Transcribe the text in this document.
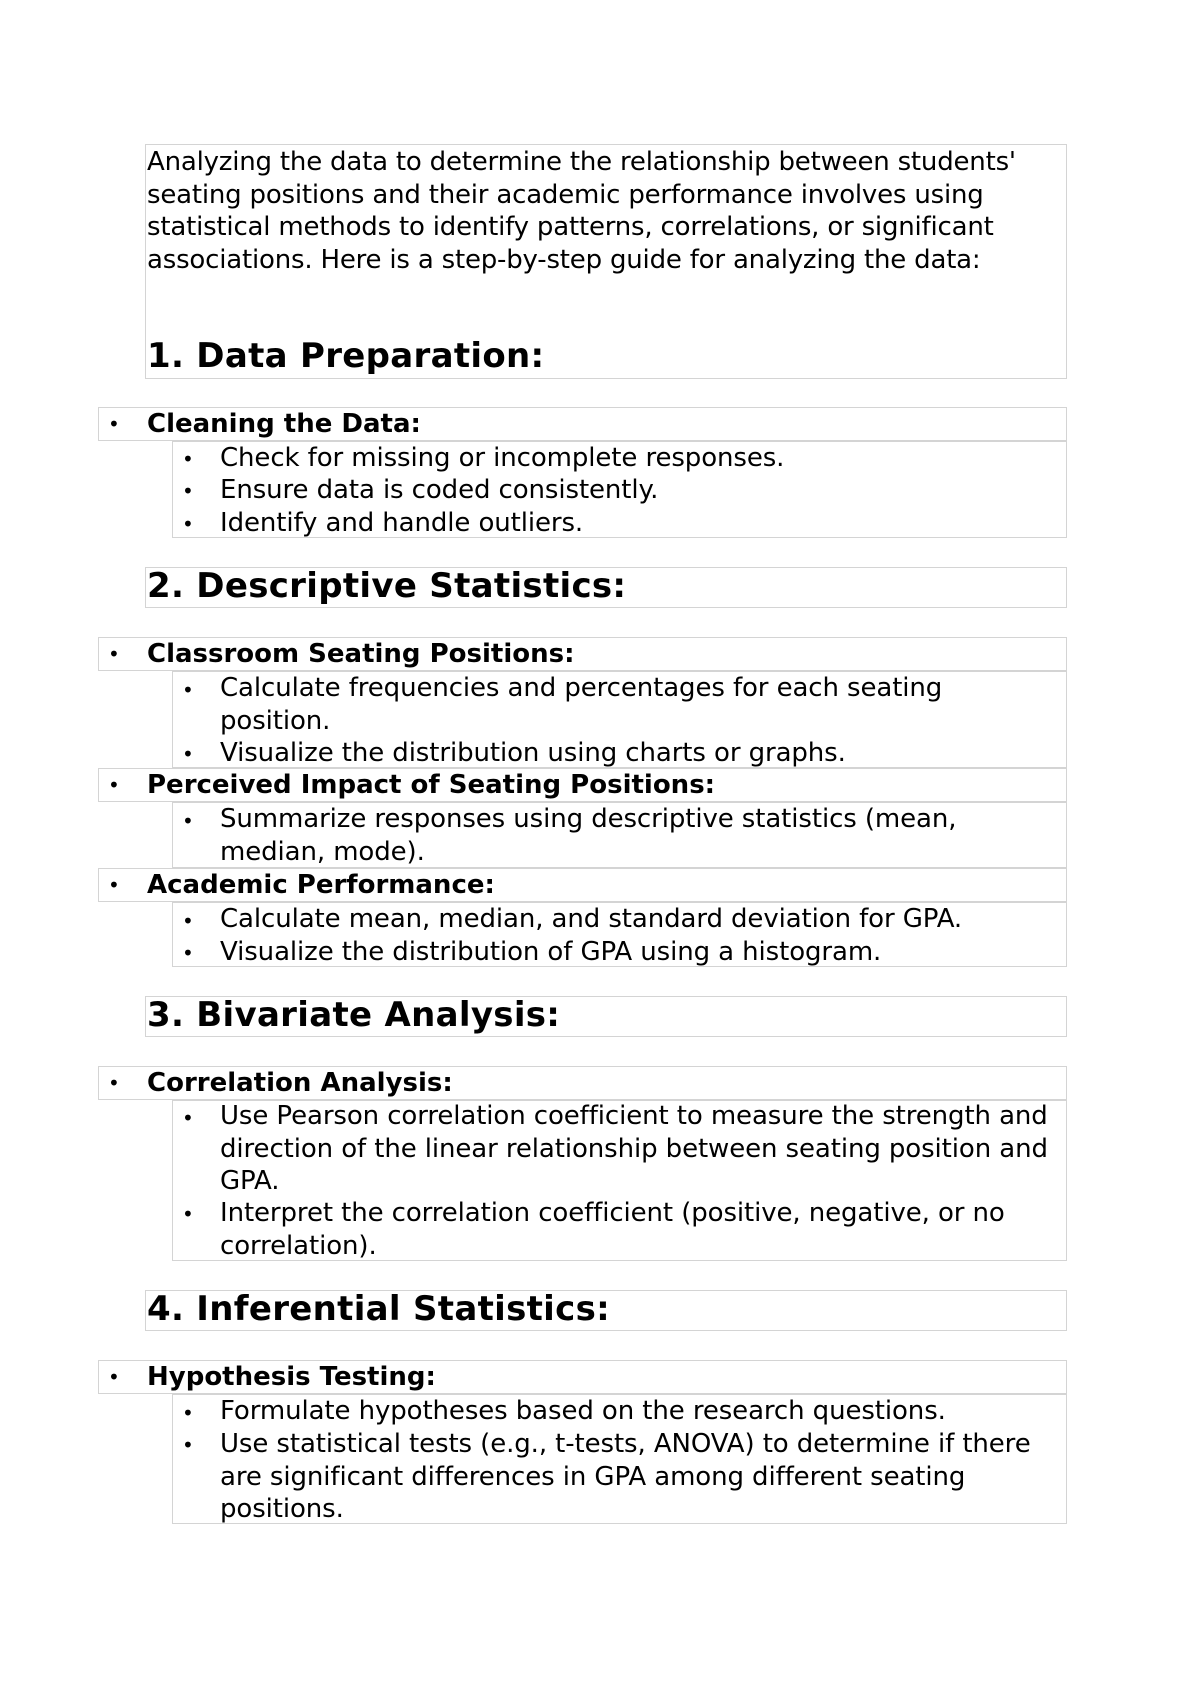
Analyzing the data to determine the relationship between students' seating positions and their academic performance involves using statistical methods to identify patterns, correlations, or significant associations. Here is a step-by-step guide for analyzing the data:
1. Data Preparation:
• Cleaning the Data:
• Check for missing or incomplete responses.
• Ensure data is coded consistently.
• Identify and handle outliers.
2. Descriptive Statistics:
• Classroom Seating Positions:
• Calculate frequencies and percentages for each seating position.
• Visualize the distribution using charts or graphs.
• Perceived Impact of Seating Positions:
• Summarize responses using descriptive statistics (mean, median, mode).
• Academic Performance:
• Calculate mean, median, and standard deviation for GPA.
• Visualize the distribution of GPA using a histogram.
3. Bivariate Analysis:
• Correlation Analysis:
• Use Pearson correlation coefficient to measure the strength and direction of the linear relationship between seating position and GPA.
• Interpret the correlation coefficient (positive, negative, or no correlation).
4. Inferential Statistics:
• Hypothesis Testing:
• Formulate hypotheses based on the research questions.
• Use statistical tests (e.g., t-tests, ANOVA) to determine if there are significant differences in GPA among different seating positions.
